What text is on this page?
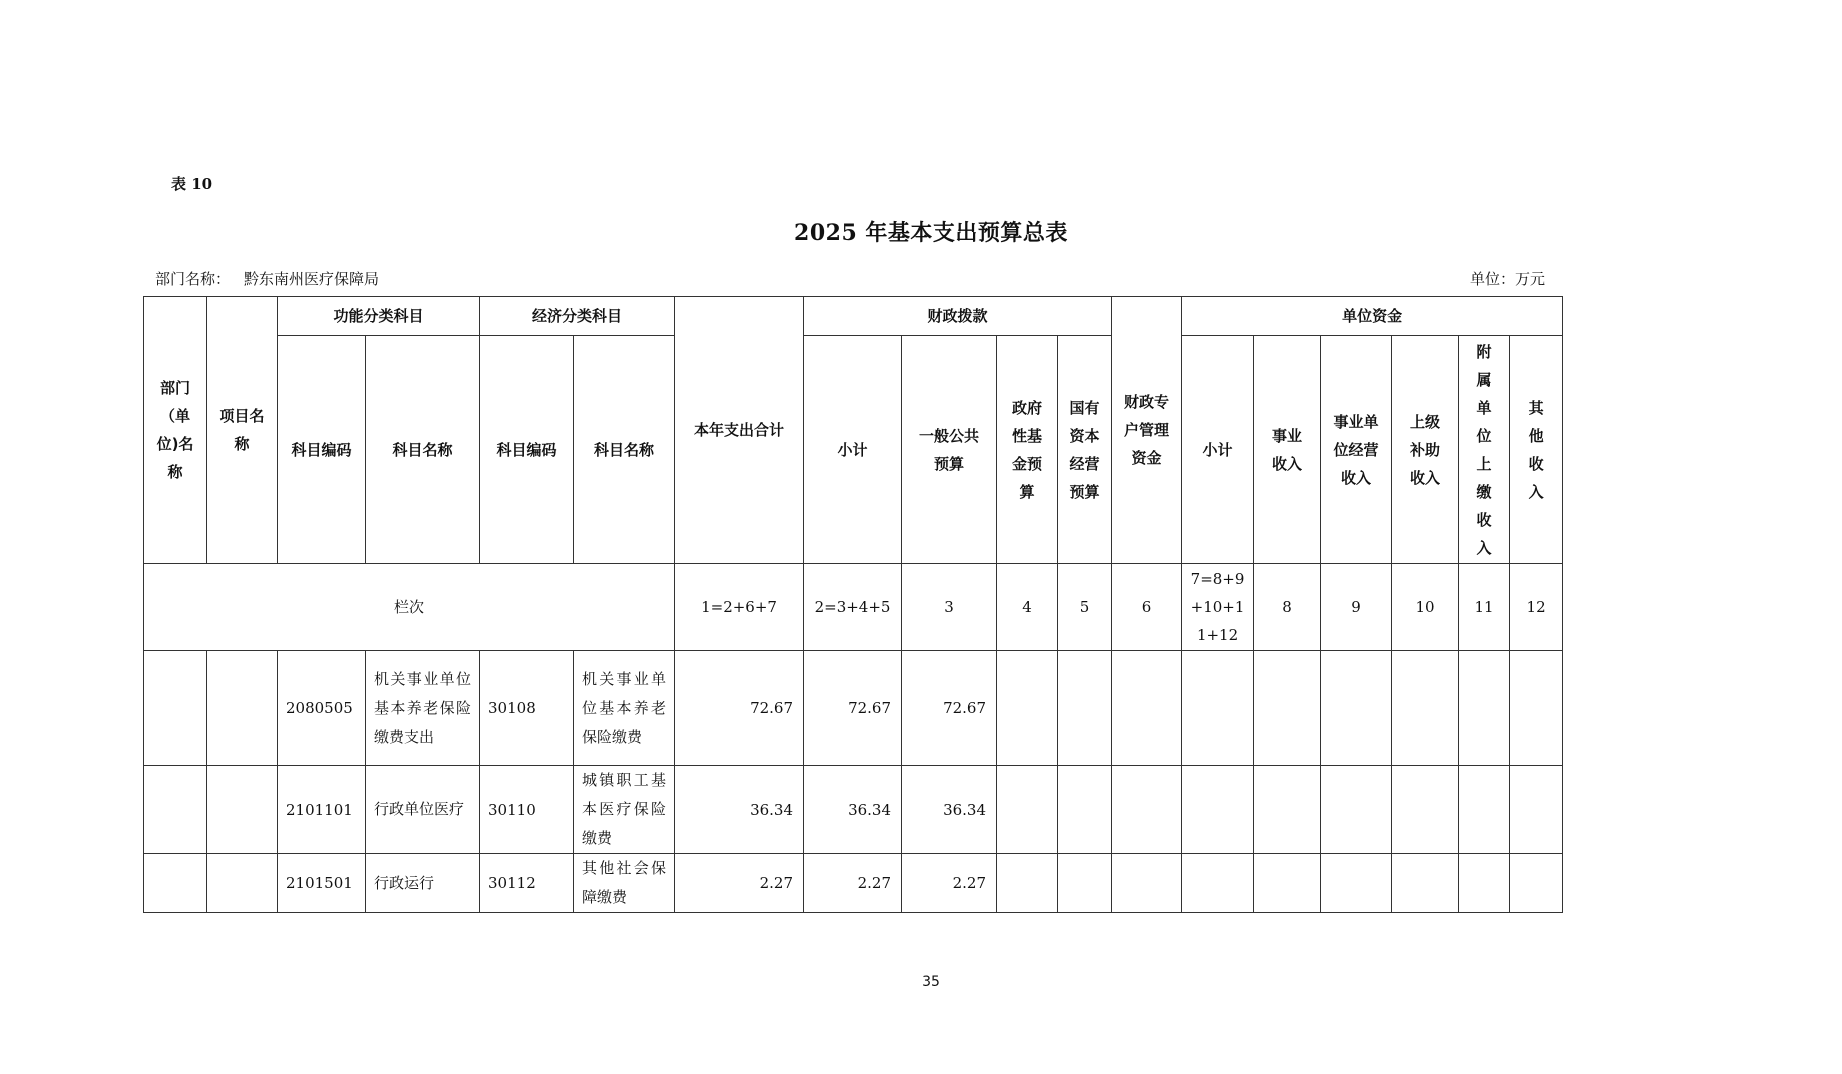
表 10
2025 年基本支出预算总表
部门名称： 黔东南州医疗保障局	单位：万元
部门（单位)名称	项目名称	功能分类科目		经济分类科目		本年支出合计	财政拨款				财政专户管理资金	单位资金					
		科目编码	科目名称	科目编码	科目名称		小计	一般公共预算	政府性基金预算	国有资本经营预算		小计	事业收入	事业单位经营收入	上级补助收入	附属单位上缴收入	其他收入

栏次						1=2+6+7	2=3+4+5	3	4	5	6	7=8+9+10+11+12	8	9	10	11	12
		2080505	机关事业单位基本养老保险缴费支出	30108	机关事业单位基本养老保险缴费	72.67	72.67	72.67									
		2101101	行政单位医疗	30110	城镇职工基本医疗保险缴费	36.34	36.34	36.34									
		2101501	行政运行	30112	其他社会保障缴费	2.27	2.27	2.27									
35
